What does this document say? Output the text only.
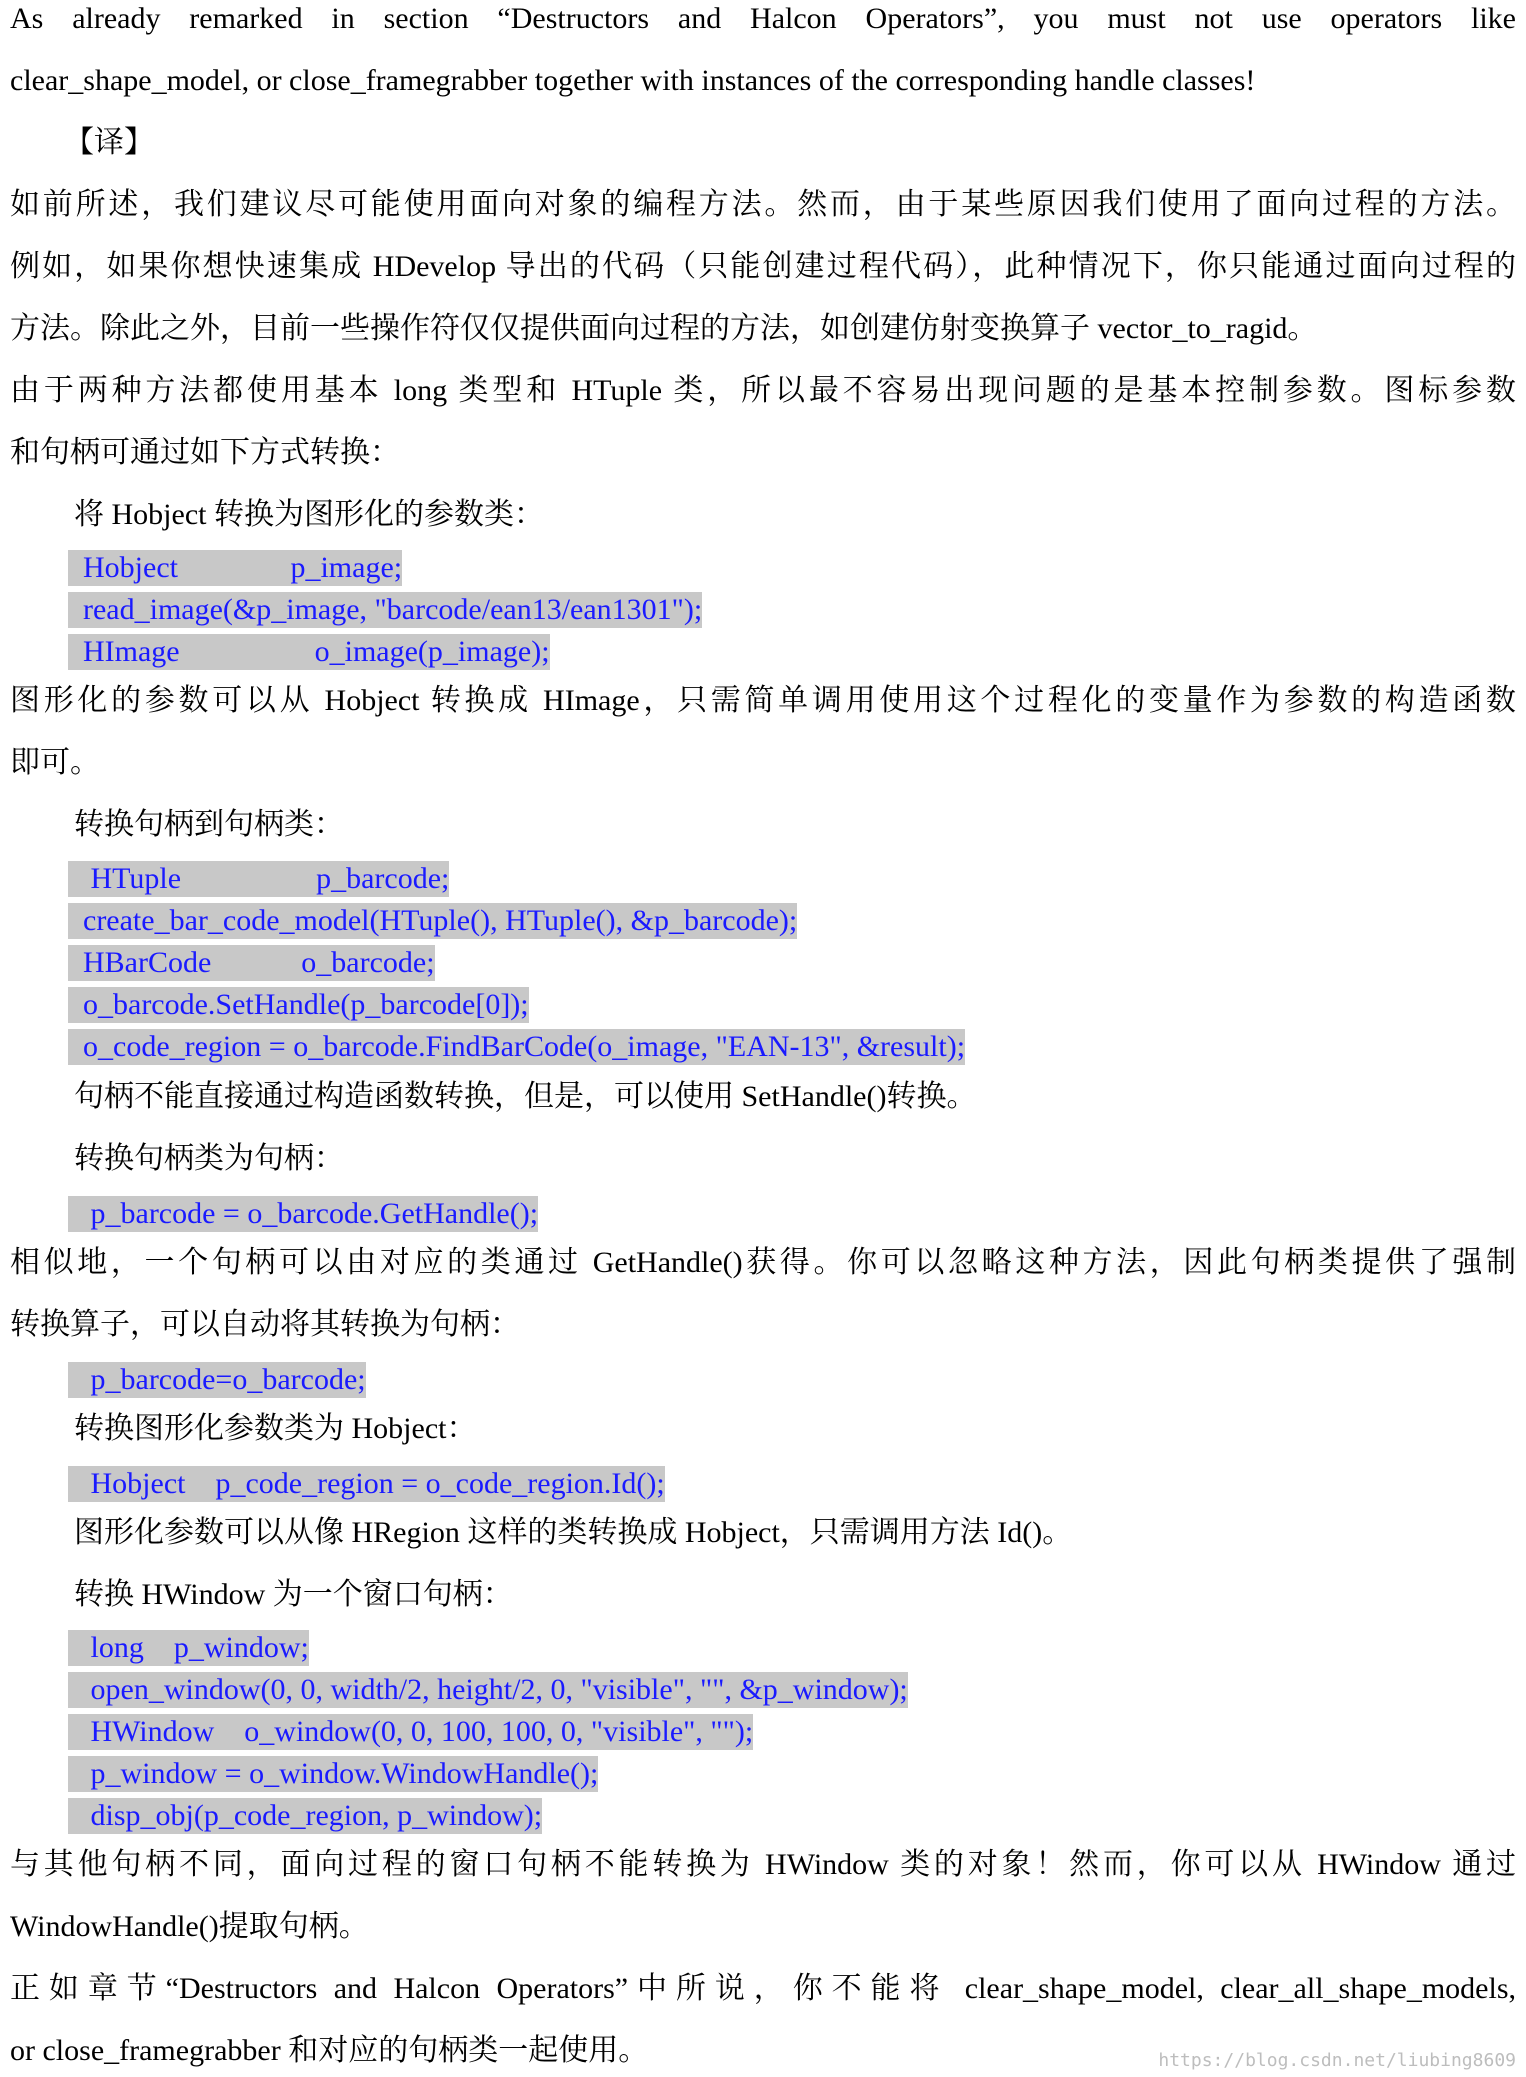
As already remarked in section “Destructors and Halcon Operators”, you must not use operators like
clear_shape_model, or close_framegrabber together with instances of the corresponding handle classes!
【译】
如前所述，我们建议尽可能使用面向对象的编程方法。然而，由于某些原因我们使用了面向过程的方法。
例如，如果你想快速集成 HDevelop 导出的代码（只能创建过程代码），此种情况下，你只能通过面向过程的
方法。除此之外，目前一些操作符仅仅提供面向过程的方法，如创建仿射变换算子 vector_to_ragid。
由于两种方法都使用基本 long 类型和 HTuple 类，所以最不容易出现问题的是基本控制参数。图标参数
和句柄可通过如下方式转换：
将 Hobject 转换为图形化的参数类：
Hobject               p_image;
read_image(&p_image, "barcode/ean13/ean1301");
HImage                  o_image(p_image);
图形化的参数可以从 Hobject 转换成 HImage，只需简单调用使用这个过程化的变量作为参数的构造函数
即可。
转换句柄到句柄类：
HTuple                  p_barcode;
create_bar_code_model(HTuple(), HTuple(), &p_barcode);
HBarCode            o_barcode;
o_barcode.SetHandle(p_barcode[0]);
o_code_region = o_barcode.FindBarCode(o_image, "EAN-13", &result);
句柄不能直接通过构造函数转换，但是，可以使用 SetHandle()转换。
转换句柄类为句柄：
p_barcode = o_barcode.GetHandle();
相似地，一个句柄可以由对应的类通过 GetHandle()获得。你可以忽略这种方法，因此句柄类提供了强制
转换算子，可以自动将其转换为句柄：
p_barcode=o_barcode;
转换图形化参数类为 Hobject：
Hobject    p_code_region = o_code_region.Id();
图形化参数可以从像 HRegion 这样的类转换成 Hobject，只需调用方法 Id()。
转换 HWindow 为一个窗口句柄：
long    p_window;
open_window(0, 0, width/2, height/2, 0, "visible", "", &p_window);
HWindow    o_window(0, 0, 100, 100, 0, "visible", "");
p_window = o_window.WindowHandle();
disp_obj(p_code_region, p_window);
与其他句柄不同，面向过程的窗口句柄不能转换为 HWindow 类的对象！然而，你可以从 HWindow 通过
WindowHandle()提取句柄。
正如章节“Destructors and Halcon Operators”中所说，你不能将 clear_shape_model, clear_all_shape_models,
or close_framegrabber 和对应的句柄类一起使用。	https://blog.csdn.net/liubing8609
